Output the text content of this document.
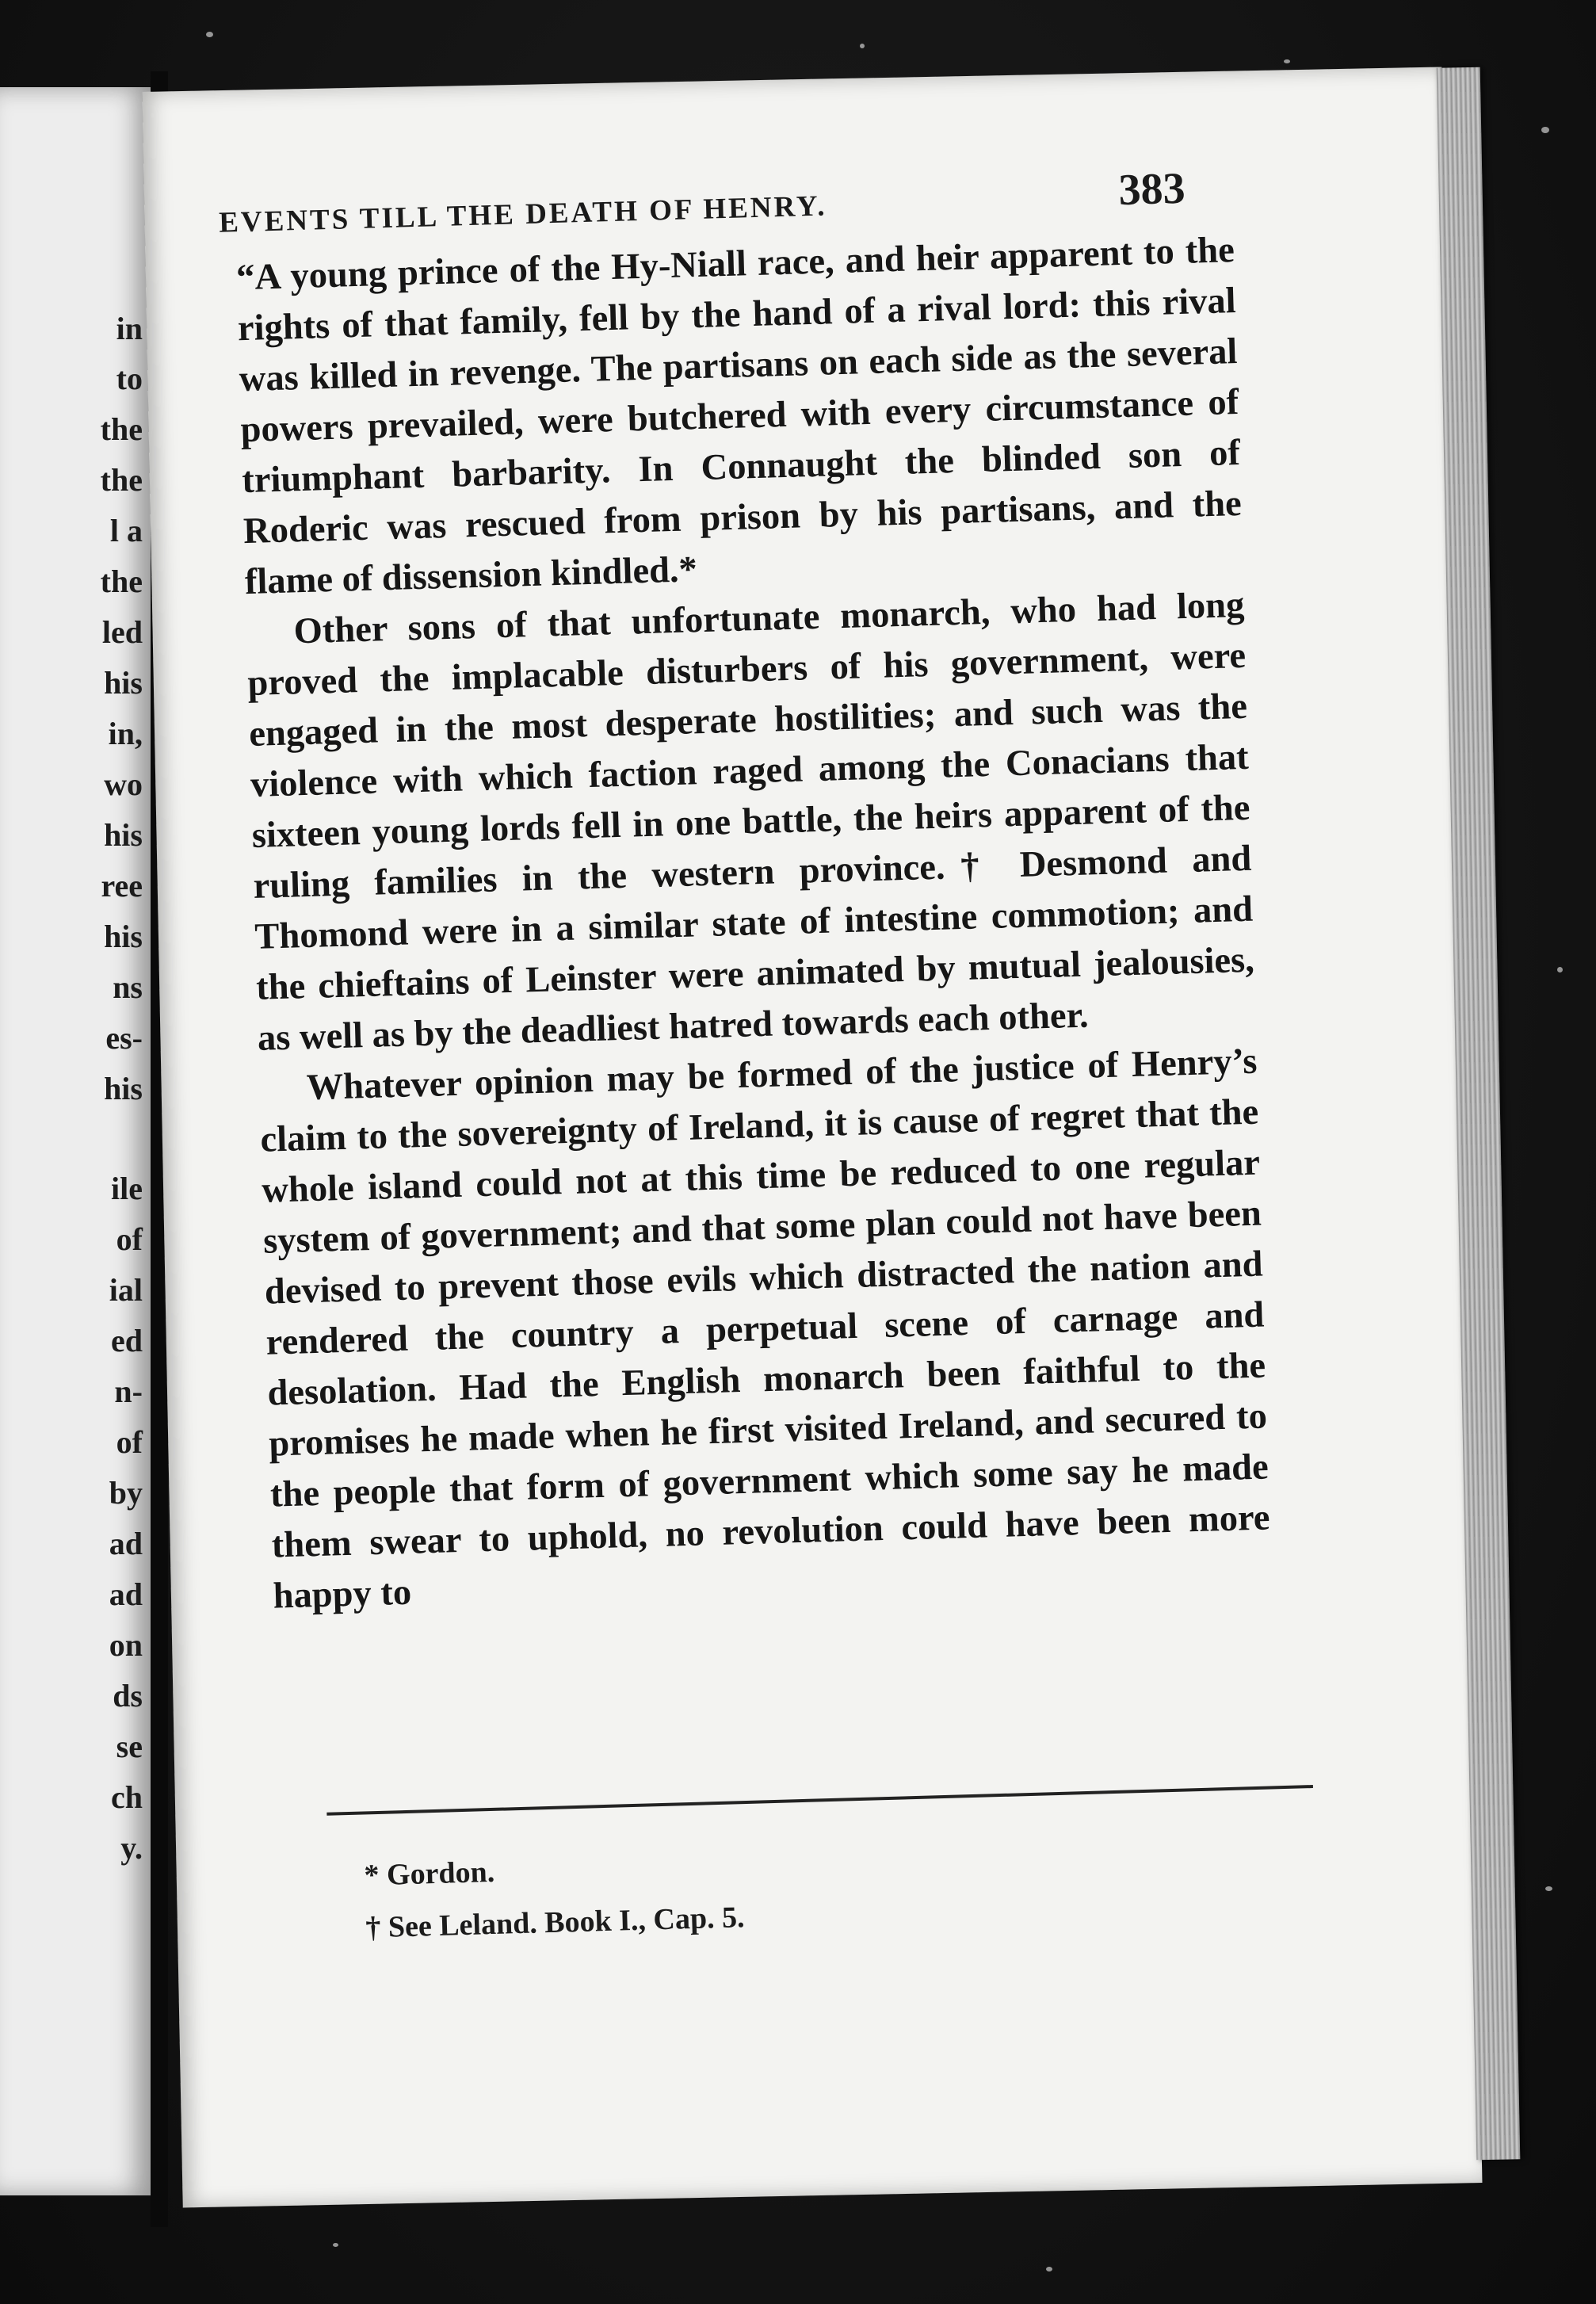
in
to
the
the
l a
the
led
his
in,
wo
his
ree
his
ns
es-
his
ile
of
ial
ed
n-
of
by
ad
ad
on
ds
se
ch
y.
EVENTS TILL THE DEATH OF HENRY.	383

“A young prince of the Hy-Niall race, and heir apparent to the rights of that family, fell by the hand of a rival lord: this rival was killed in revenge. The partisans on each side as the several powers prevailed, were butchered with every circumstance of triumphant barbarity. In Connaught the blinded son of Roderic was rescued from prison by his partisans, and the flame of dissension kindled.*

Other sons of that unfortunate monarch, who had long proved the implacable disturbers of his government, were engaged in the most desperate hostilities; and such was the violence with which faction raged among the Conacians that sixteen young lords fell in one battle, the heirs apparent of the ruling families in the western province.† Desmond and Thomond were in a similar state of intestine commotion; and the chieftains of Leinster were animated by mutual jealousies, as well as by the deadliest hatred towards each other.

Whatever opinion may be formed of the justice of Henry’s claim to the sovereignty of Ireland, it is cause of regret that the whole island could not at this time be reduced to one regular system of government; and that some plan could not have been devised to prevent those evils which distracted the nation and rendered the country a perpetual scene of carnage and desolation. Had the English monarch been faithful to the promises he made when he first visited Ireland, and secured to the people that form of government which some say he made them swear to uphold, no revolution could have been more happy to

* Gordon.

† See Leland. Book I., Cap. 5.
